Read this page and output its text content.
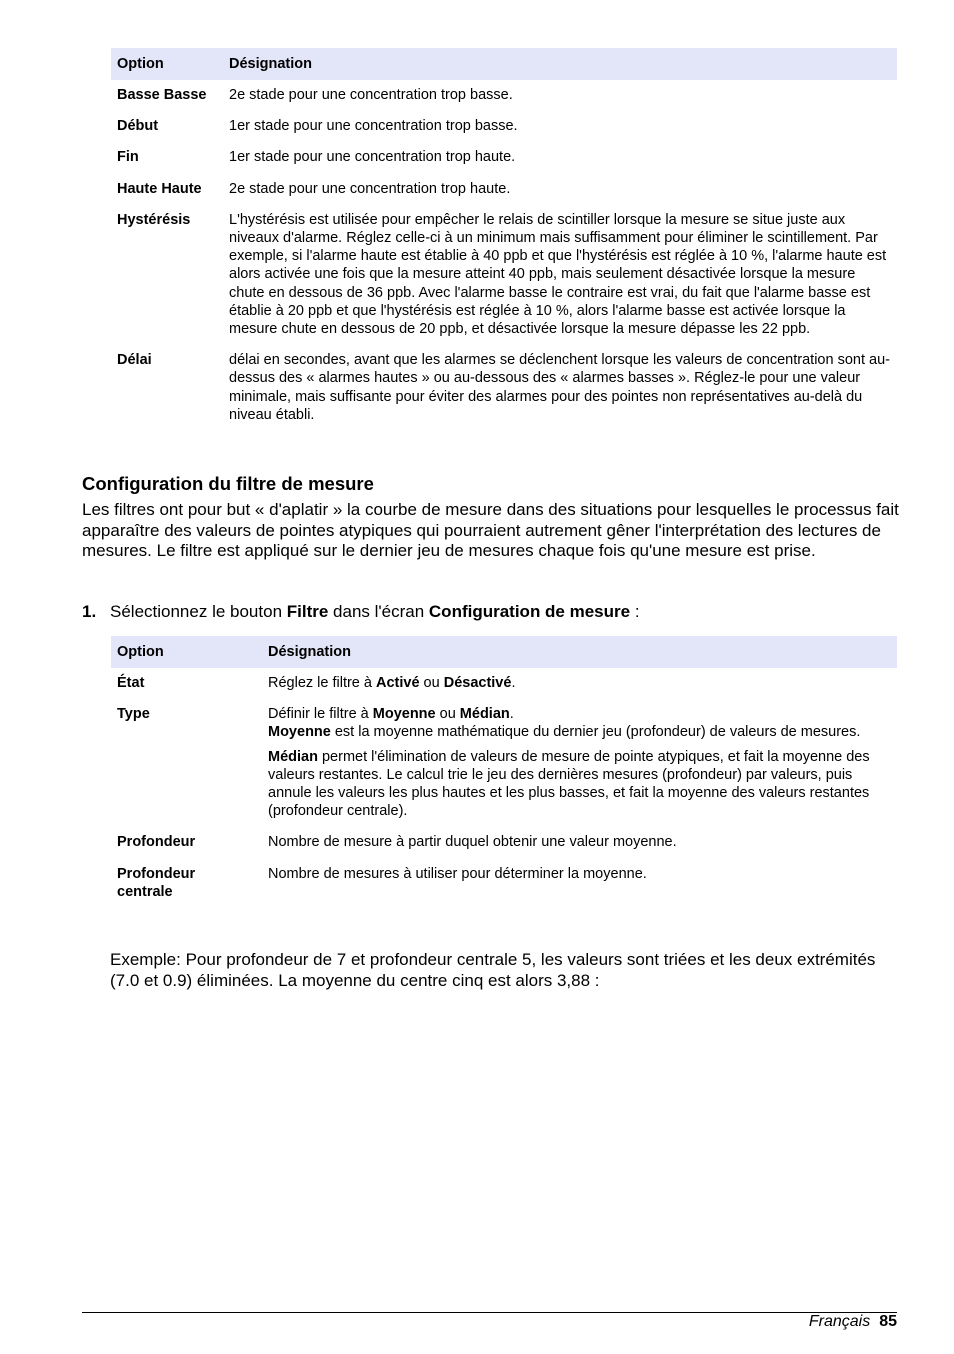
Option	Désignation
Basse Basse	2e stade pour une concentration trop basse.
Début	1er stade pour une concentration trop basse.
Fin	1er stade pour une concentration trop haute.
Haute Haute	2e stade pour une concentration trop haute.
Hystérésis	L'hystérésis est utilisée pour empêcher le relais de scintiller lorsque la mesure se situe juste aux niveaux d'alarme. Réglez celle-ci à un minimum mais suffisamment pour éliminer le scintillement. Par exemple, si l'alarme haute est établie à 40 ppb et que l'hystérésis est réglée à 10 %, l'alarme haute est alors activée une fois que la mesure atteint 40 ppb, mais seulement désactivée lorsque la mesure chute en dessous de 36 ppb. Avec l'alarme basse le contraire est vrai, du fait que l'alarme basse est établie à 20 ppb et que l'hystérésis est réglée à 10 %, alors l'alarme basse est activée lorsque la mesure chute en dessous de 20 ppb, et désactivée lorsque la mesure dépasse les 22 ppb.
Délai	délai en secondes, avant que les alarmes se déclenchent lorsque les valeurs de concentration sont au-dessus des « alarmes hautes » ou au-dessous des « alarmes basses ». Réglez-le pour une valeur minimale, mais suffisante pour éviter des alarmes pour des pointes non représentatives au-delà du niveau établi.
Configuration du filtre de mesure

Les filtres ont pour but « d'aplatir » la courbe de mesure dans des situations pour lesquelles le processus fait apparaître des valeurs de pointes atypiques qui pourraient autrement gêner l'interprétation des lectures de mesures. Le filtre est appliqué sur le dernier jeu de mesures chaque fois qu'une mesure est prise.

1. Sélectionnez le bouton Filtre dans l'écran Configuration de mesure :

Option	Désignation
État	Réglez le filtre à Activé ou Désactivé.
Type	Définir le filtre à Moyenne ou Médian.
Moyenne est la moyenne mathématique du dernier jeu (profondeur) de valeurs de mesures.
Médian permet l'élimination de valeurs de mesure de pointe atypiques, et fait la moyenne des valeurs restantes. Le calcul trie le jeu des dernières mesures (profondeur) par valeurs, puis annule les valeurs les plus hautes et les plus basses, et fait la moyenne des valeurs restantes (profondeur centrale).

Profondeur	Nombre de mesure à partir duquel obtenir une valeur moyenne.
Profondeur
centrale	Nombre de mesures à utiliser pour déterminer la moyenne.

Exemple: Pour profondeur de 7 et profondeur centrale 5, les valeurs sont triées et les deux extrémités (7.0 et 0.9) éliminées. La moyenne du centre cinq est alors 3,88 :

Français 85
